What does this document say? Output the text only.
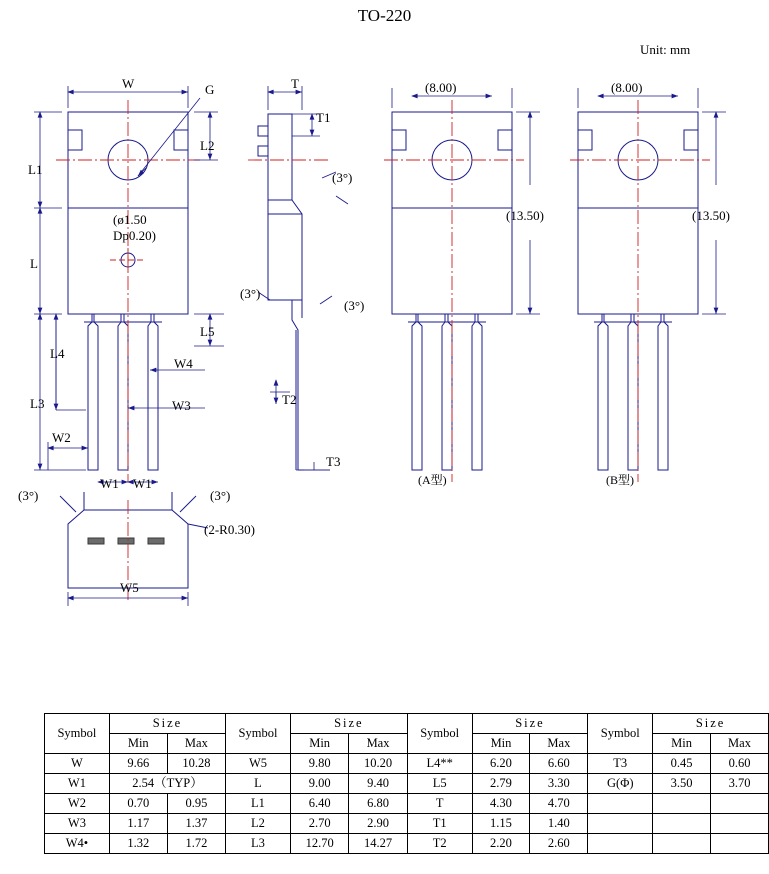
TO-220
Unit: mm
W	G
L1
L2
L
L5
L4
W4
L3	W3
W2
W1 W1
(ø1.50
Dp0.20)
T
T1
T2
T3
(3°)
(3°)
(3°)
(8.00)
(13.50)
(A型)
(8.00)
(13.50)
(B型)
(3°)	(3°)
(2-R0.30)
W5
Symbol	Size		Symbol	Size		Symbol	Size		Symbol	Size	
	Min	Max		Min	Max		Min	Max		Min	Max
W	9.66	10.28	W5	9.80	10.20	L4**	6.20	6.60	T3	0.45	0.60
W1	2.54（TYP）		L	9.00	9.40	L5	2.79	3.30	G(Φ)	3.50	3.70
W2	0.70	0.95	L1	6.40	6.80	T	4.30	4.70			
W3	1.17	1.37	L2	2.70	2.90	T1	1.15	1.40			
W4•	1.32	1.72	L3	12.70	14.27	T2	2.20	2.60			
